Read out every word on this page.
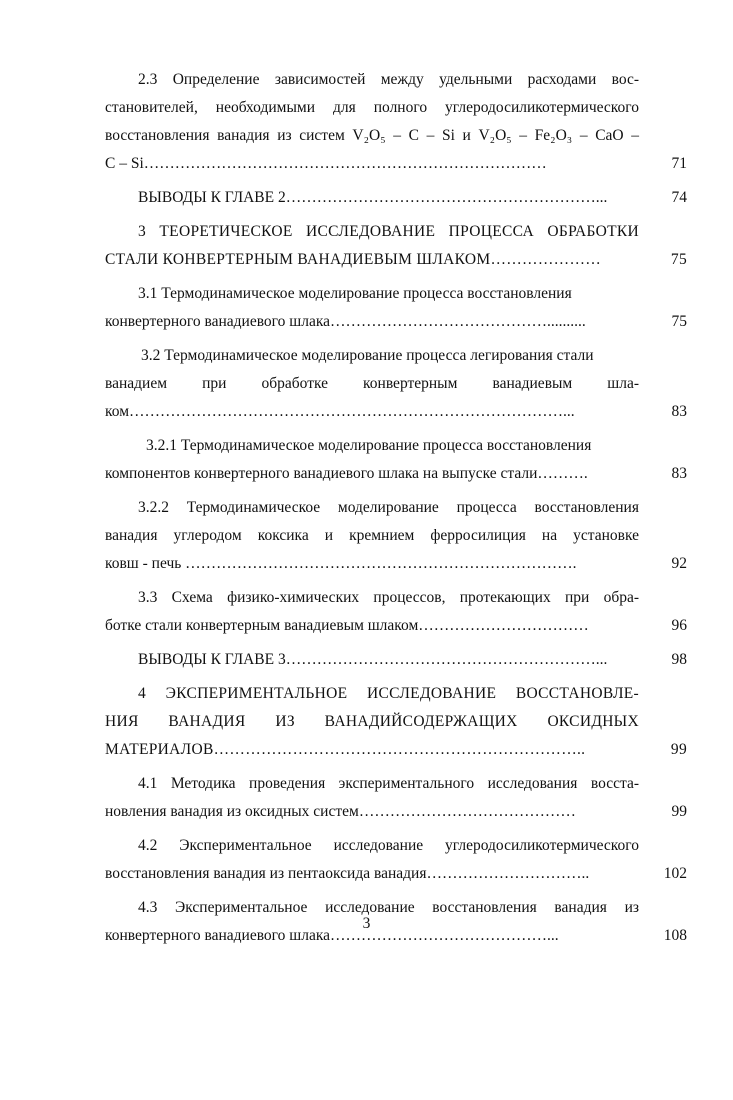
2.3 Определение зависимостей между удельными расходами вос-
становителей, необходимыми для полного углеродосиликотермического
восстановления ванадия из систем V₂O₅ – C – Si и V₂O₅ – Fe₂O₃ – CaO –
C – Si……………………………………………………………………	71
ВЫВОДЫ К ГЛАВЕ 2……………………………………………………...	74
3 ТЕОРЕТИЧЕСКОЕ ИССЛЕДОВАНИЕ ПРОЦЕССА ОБРАБОТКИ
СТАЛИ КОНВЕРТЕРНЫМ ВАНАДИЕВЫМ ШЛАКОМ…………………	75
3.1 Термодинамическое моделирование процесса восстановления
конвертерного ванадиевого шлака……………………………………..........	75
3.2 Термодинамическое моделирование процесса легирования стали
ванадием при обработке конвертерным ванадиевым шла-
ком…………………………………………………………………………...	83
3.2.1 Термодинамическое моделирование процесса восстановления
компонентов конвертерного ванадиевого шлака на выпуске стали……….	83
3.2.2 Термодинамическое моделирование процесса восстановления
ванадия углеродом коксика и кремнием ферросилиция на установке
ковш - печь ………………………………………………………………….	92
3.3 Схема физико-химических процессов, протекающих при обра-
ботке стали конвертерным ванадиевым шлаком……………………………	96
ВЫВОДЫ К ГЛАВЕ 3……………………………………………………...	98
4 ЭКСПЕРИМЕНТАЛЬНОЕ ИССЛЕДОВАНИЕ ВОССТАНОВЛЕ-
НИЯ ВАНАДИЯ ИЗ ВАНАДИЙСОДЕРЖАЩИХ ОКСИДНЫХ
МАТЕРИАЛОВ……………………………………………………………..	99
4.1 Методика проведения экспериментального исследования восста-
новления ванадия из оксидных систем……………………………………	99
4.2 Экспериментальное исследование углеродосиликотермического
восстановления ванадия из пентаоксида ванадия…………………………..	102
4.3 Экспериментальное исследование восстановления ванадия из
конвертерного ванадиевого шлака……………………………………...	108
3
